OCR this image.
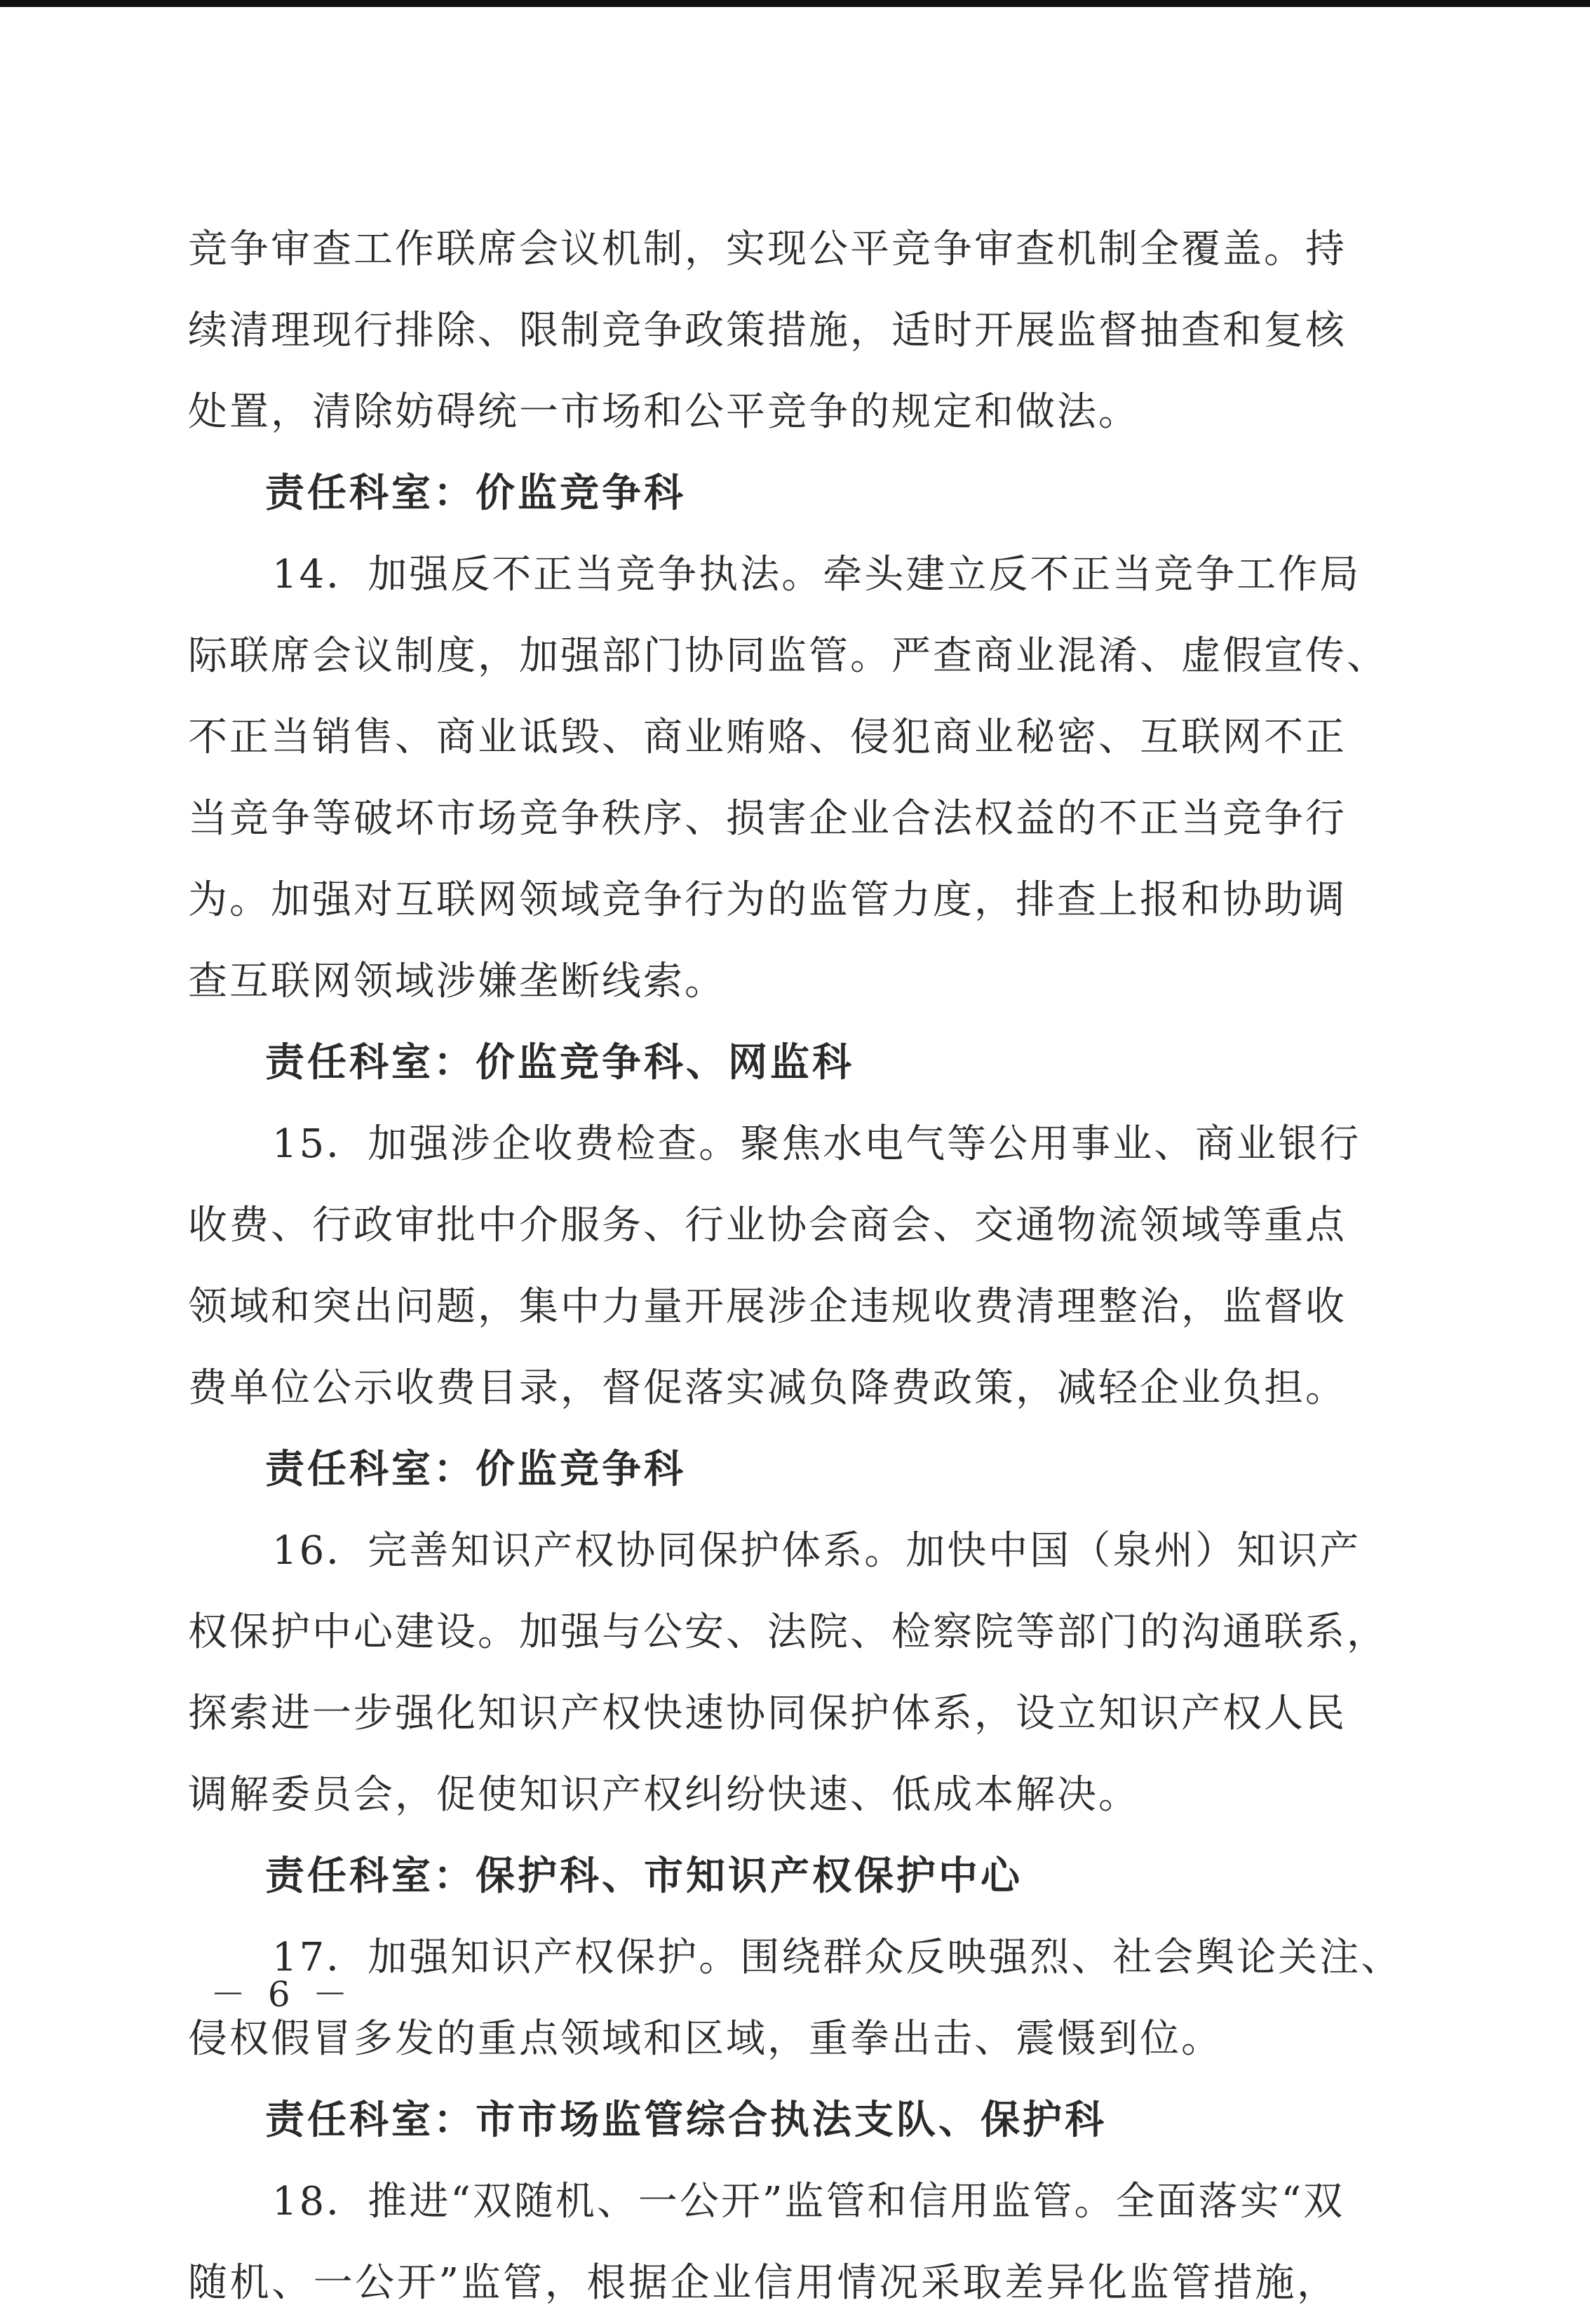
竞争审查工作联席会议机制，实现公平竞争审查机制全覆盖。持
续清理现行排除、限制竞争政策措施，适时开展监督抽查和复核
处置，清除妨碍统一市场和公平竞争的规定和做法。
责任科室：价监竞争科
14．加强反不正当竞争执法。牵头建立反不正当竞争工作局
际联席会议制度，加强部门协同监管。严查商业混淆、虚假宣传、
不正当销售、商业诋毁、商业贿赂、侵犯商业秘密、互联网不正
当竞争等破坏市场竞争秩序、损害企业合法权益的不正当竞争行
为。加强对互联网领域竞争行为的监管力度，排查上报和协助调
查互联网领域涉嫌垄断线索。
责任科室：价监竞争科、网监科
15．加强涉企收费检查。聚焦水电气等公用事业、商业银行
收费、行政审批中介服务、行业协会商会、交通物流领域等重点
领域和突出问题，集中力量开展涉企违规收费清理整治，监督收
费单位公示收费目录，督促落实减负降费政策，减轻企业负担。
责任科室：价监竞争科
16．完善知识产权协同保护体系。加快中国（泉州）知识产
权保护中心建设。加强与公安、法院、检察院等部门的沟通联系，
探索进一步强化知识产权快速协同保护体系，设立知识产权人民
调解委员会，促使知识产权纠纷快速、低成本解决。
责任科室：保护科、市知识产权保护中心
17．加强知识产权保护。围绕群众反映强烈、社会舆论关注、
侵权假冒多发的重点领域和区域，重拳出击、震慑到位。
责任科室：市市场监管综合执法支队、保护科
18．推进“双随机、一公开”监管和信用监管。全面落实“双
随机、一公开”监管，根据企业信用情况采取差异化监管措施，
－ 6 －
